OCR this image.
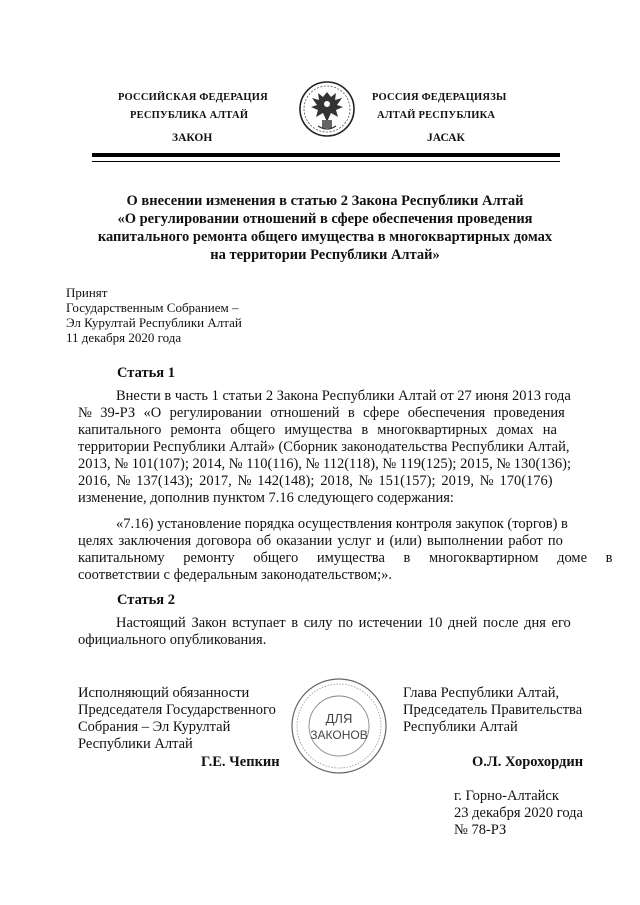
РОССИЙСКАЯ ФЕДЕРАЦИЯ
РЕСПУБЛИКА АЛТАЙ
ЗАКОН
РОССИЯ ФЕДЕРАЦИЯЗЫ
АЛТАЙ РЕСПУБЛИКА
JАСАК
О внесении изменения в статью 2 Закона Республики Алтай
«О регулировании отношений в сфере обеспечения проведения
капитального ремонта общего имущества в многоквартирных домах
на территории Республики Алтай»
Принят
Государственным Собранием –
Эл Курултай Республики Алтай
11 декабря 2020 года
Статья 1
Внести в часть 1 статьи 2 Закона Республики Алтай от 27 июня 2013 года
№ 39-РЗ «О регулировании отношений в сфере обеспечения проведения
капитального ремонта общего имущества в многоквартирных домах на
территории Республики Алтай» (Сборник законодательства Республики Алтай,
2013, № 101(107); 2014, № 110(116), № 112(118), № 119(125); 2015, № 130(136);
2016, № 137(143); 2017, № 142(148); 2018, № 151(157); 2019, № 170(176)
изменение, дополнив пунктом 7.16 следующего содержания:
«7.16) установление порядка осуществления контроля закупок (торгов) в
целях заключения договора об оказании услуг и (или) выполнении работ по
капитальному ремонту общего имущества в многоквартирном доме в
соответствии с федеральным законодательством;».
Статья 2
Настоящий Закон вступает в силу по истечении 10 дней после дня его
официального опубликования.
Исполняющий обязанности
Председателя Государственного
Собрания – Эл Курултай
Республики Алтай
Г.Е. Чепкин
ДЛЯ
ЗАКОНОВ
Глава Республики Алтай,
Председатель Правительства
Республики Алтай
О.Л. Хорохордин
г. Горно-Алтайск
23 декабря 2020 года
№ 78-РЗ
